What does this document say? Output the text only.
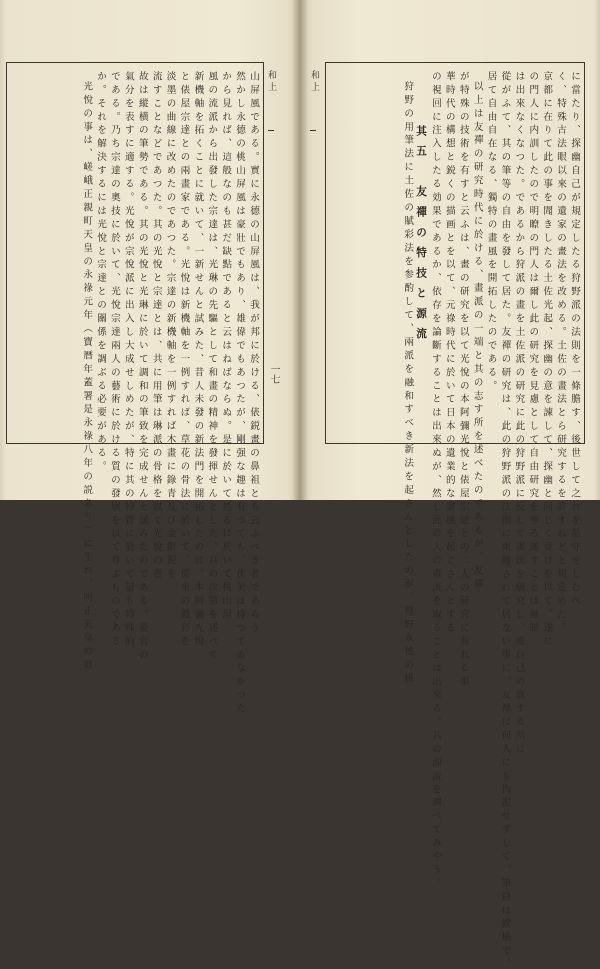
山 屏 風 で あ る 。 實 に 永 德 の 山 屏 風 は 、 我 が 邦 に 於 け る 、 俵 鋭 畫 の 鼻 祖 と も 云 ふ べ き 者 で あ ら う
然 か し 永 德 の 桃 山 屏 風 は 豪 壯 で も あ り 、 雄 偉 で も あ つ た が 、 剛 强 な 趣 は 有 つ て も 、 优 美 は 持 つ て ゐ な か つ た
か ら 見 れ ば 、 這 般 な の も 甚 だ 缺 點 で あ る と 云 は ね ば な ら ぬ 。 是 に 於 い て 然 る に 於 い て 桃 山 屏
風 の 流 派 か ら 出 發 し た 宗 達 は 、 光 琳 の 先 驅 と し て 和 畫 の 精 神 を 發 揮 せ ん と し た 。 其 の 次 第 を 述 べ て
新 機 軸 を 拓 く こ と に 就 い て 、 一 新 せ ん と 試 み た 、 昔 人 未 發 の 新 法 門 を 開 拓 し た の は 、 本 阿 彌 光 悅
と 俵 屋 宗 達 と の 兩 畫 家 で あ る 。 光 悅 は 新 機 軸 を 一 例 す れ ば 、 草 花 の 骨 法 に 於 い て 、 從 來 の 濃 彩 を
淡 墨 の 曲 線 に 改 め た の で あ つ た 。 宗 達 の 新 機 軸 を 一 例 す れ ば 木 畫 に 錄 青 及 び 金 銀 泥 を
流 す こ と な ど で あ つ た 。 其 の 光 悅 と 宗 達 と は 、 共 に 用 筆 は 琳 派 の 骨 格 を 以 て 光 悅 の 書
故 は 縱 横 の 筆 勢 で あ る 。 其 の 光 悅 と 光 琳 に 於 い て 調 和 の 筆 致 を 完 成 せ ん と 試 み た の で あ る 。 豪 宕 の
氣 分 を 表 す に 適 す る 。 光 悅 が 宗 悅 派 に 出 入 し 大 成 せ し め た が 、 特 に 其 の 特 質 に 於 い て 最 も 特 殊 的
で あ る 。 乃 ち 宗 達 の 奧 技 に 於 い て 、 光 悅 宗 達 兩 人 の 藝 術 に 於 け る 質 の 發 展 を 以 て 尊 ぶ も の で あ る
か 。 そ れ を 解 決 す る に は 光 悅 と 宗 達 と の 關 係 を 調 ぶ る 必 要 が あ る 。
光 悅 の 事 は 、 嵯 峨 正 親 町 天 皇 の 永 祿 元 年 （ 寶 暦 年 蓋 署 是 永 祿 八 年 の 説 あ り ） に 生 れ 、 明 正 天 皇 の 寛
和 上
一七	に 當 た り 、 探 幽 自 己 が 規 定 し た る 狩 野 派 の 法 則 を 一 條 膽 す 、 後 世 し て 之 れ を 墨 守 せ し む べ
く 、 特 殊 古 法 眼 以 來 の 遺 家 の 畫 法 を 改 め る 。 土 佐 の 畫 法 と ら 研 究 す る を 許 す ね ど と 規 定 め た 。
京 都 に 在 り て 此 の 事 を 聞 き し た る 土 佐 光 起 、 探 幽 の 意 を 諫 し て 、 探 幽 と 同 じ く 竟 け を 以 て 、 遂 に
の 門 人 に 内 訓 し た の で 明 瞭 の 門 人 は 爾 し 此 の 研 究 を 見 慮 と し て 自 由 研 究 を 寧 ろ 遂 す こ と は 無 制
は 出 來 な く な つ た 。 で あ る か ら 狩 派 の 畫 を 土 佐 派 の 研 究 に 此 の 狩 野 派 に 反 し て 畫 法 を 研 究 し 、 唯 自 己 の 欲 す る 所 に
從 が ふ て 、 其 の 筆 等 の 自 由 を 發 し て 居 た 。 友 禪 の 研 究 は 、 此 の 狩 野 派 の 法 則 に 束 縛 さ れ て 居 な い 事 に 、 友 禪 は 何 人 に も 拘 泥 せ ず し て 、 筆 鋒 は 縱 横 で 。
居 て 自 由 自 在 な る 、 獨 特 の 畫 風 を 開 拓 し た の で あ る 。
以 上 は 友 禪 の 研 究 時 代 に 於 け る 、 畫 派 の 一 端 と 其 の 志 す 所 を 述 べ た の で あ る が 、 友 禪
が 特 殊 の 技 術 を 有 す と 云 ふ は 、 畫 の 研 究 を 以 て 光 悅 の 本 阿 彌 光 悅 と 俵 屋 宗 達 と の 二 人 の 研 究 に 有 れ る 事
華 時 代 の 構 想 と 鋭 く の 描 画 と を 以 て 、 元 祿 時 代 に 於 い て 日 本 の 遺 業 的 な 畫 風 を 起 こ さ ん と す る
の 視 回 に 注 入 し た る 効 果 で あ る か 、 依 存 を 論 斷 す る こ と は 出 來 ぬ が 、 然 し 此 の 人 の 畫 流 を 取 る こ と は 出 來 る 。 其 の 源 流 を 調 べ て み や う 。
其 五 　 友 禪 の 特 技 と 源 流
狩 野 の 用 筆 法 に 土 佐 の 賦 彩 法 を 参 酌 し て 、 兩 派 を 融 和 す べ き 新 法 を 起 さ ん と し た の が 、 狩 野 永 德 の 桃
和 上
